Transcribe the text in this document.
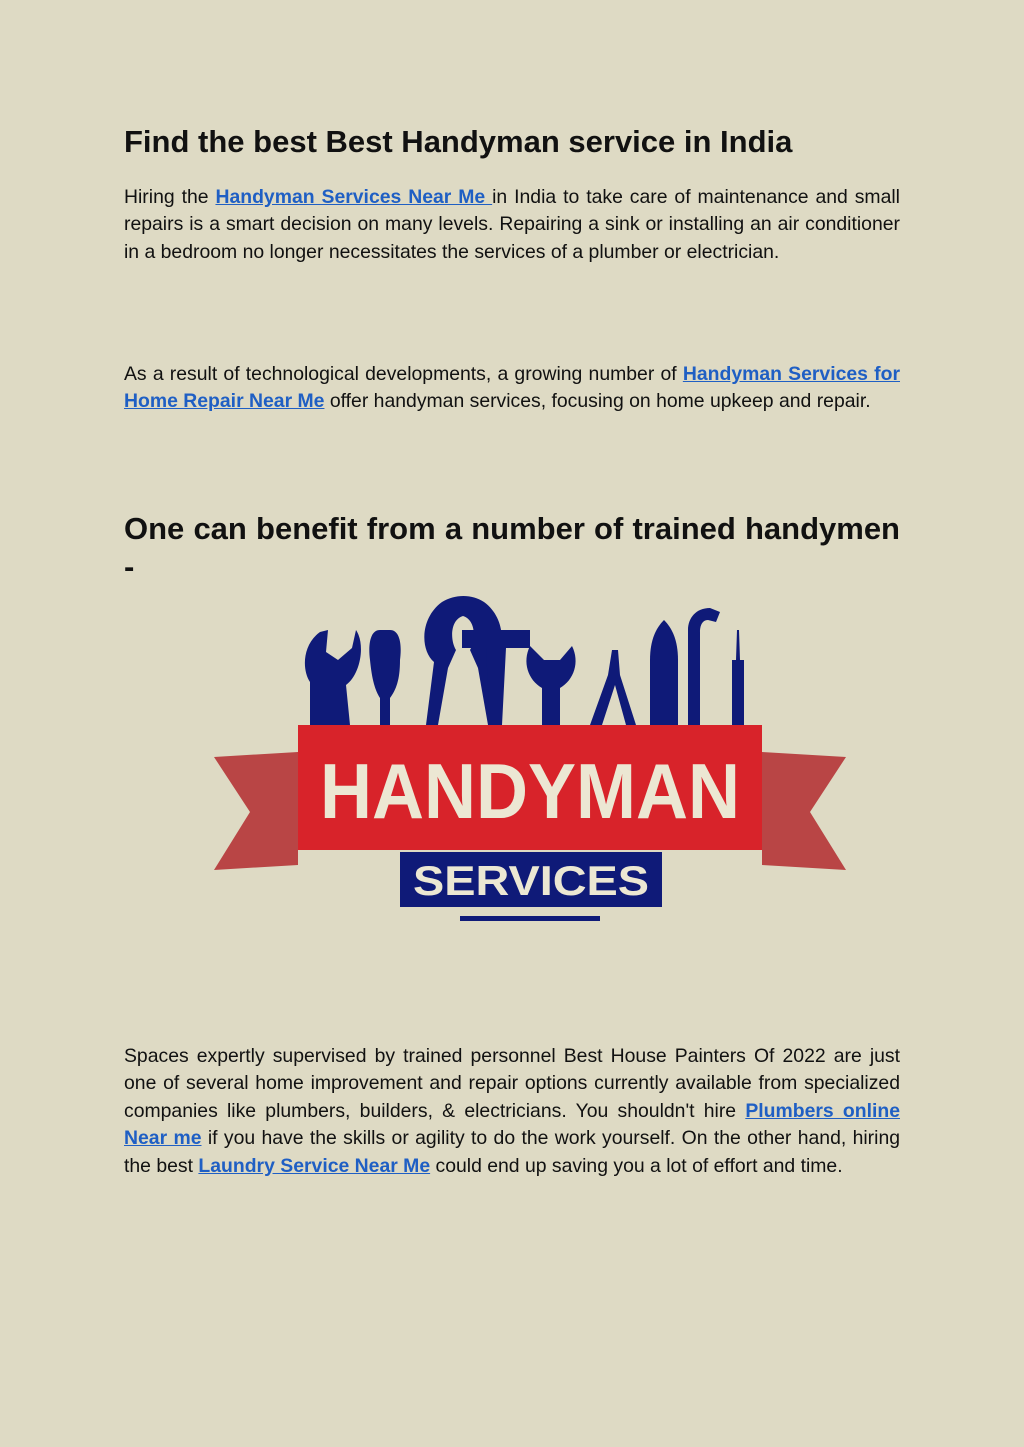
Find the best Best Handyman service in India

Hiring the Handyman Services Near Me in India to take care of maintenance and small repairs is a smart decision on many levels. Repairing a sink or installing an air conditioner in a bedroom no longer necessitates the services of a plumber or electrician.

As a result of technological developments, a growing number of Handyman Services for Home Repair Near Me offer handyman services, focusing on home upkeep and repair.

One can benefit from a number of trained handymen -

Spaces expertly supervised by trained personnel Best House Painters Of 2022 are just one of several home improvement and repair options currently available from specialized companies like plumbers, builders, & electricians. You shouldn't hire Plumbers online Near me if you have the skills or agility to do the work yourself. On the other hand, hiring the best Laundry Service Near Me could end up saving you a lot of effort and time.

HANDYMAN
SERVICES
